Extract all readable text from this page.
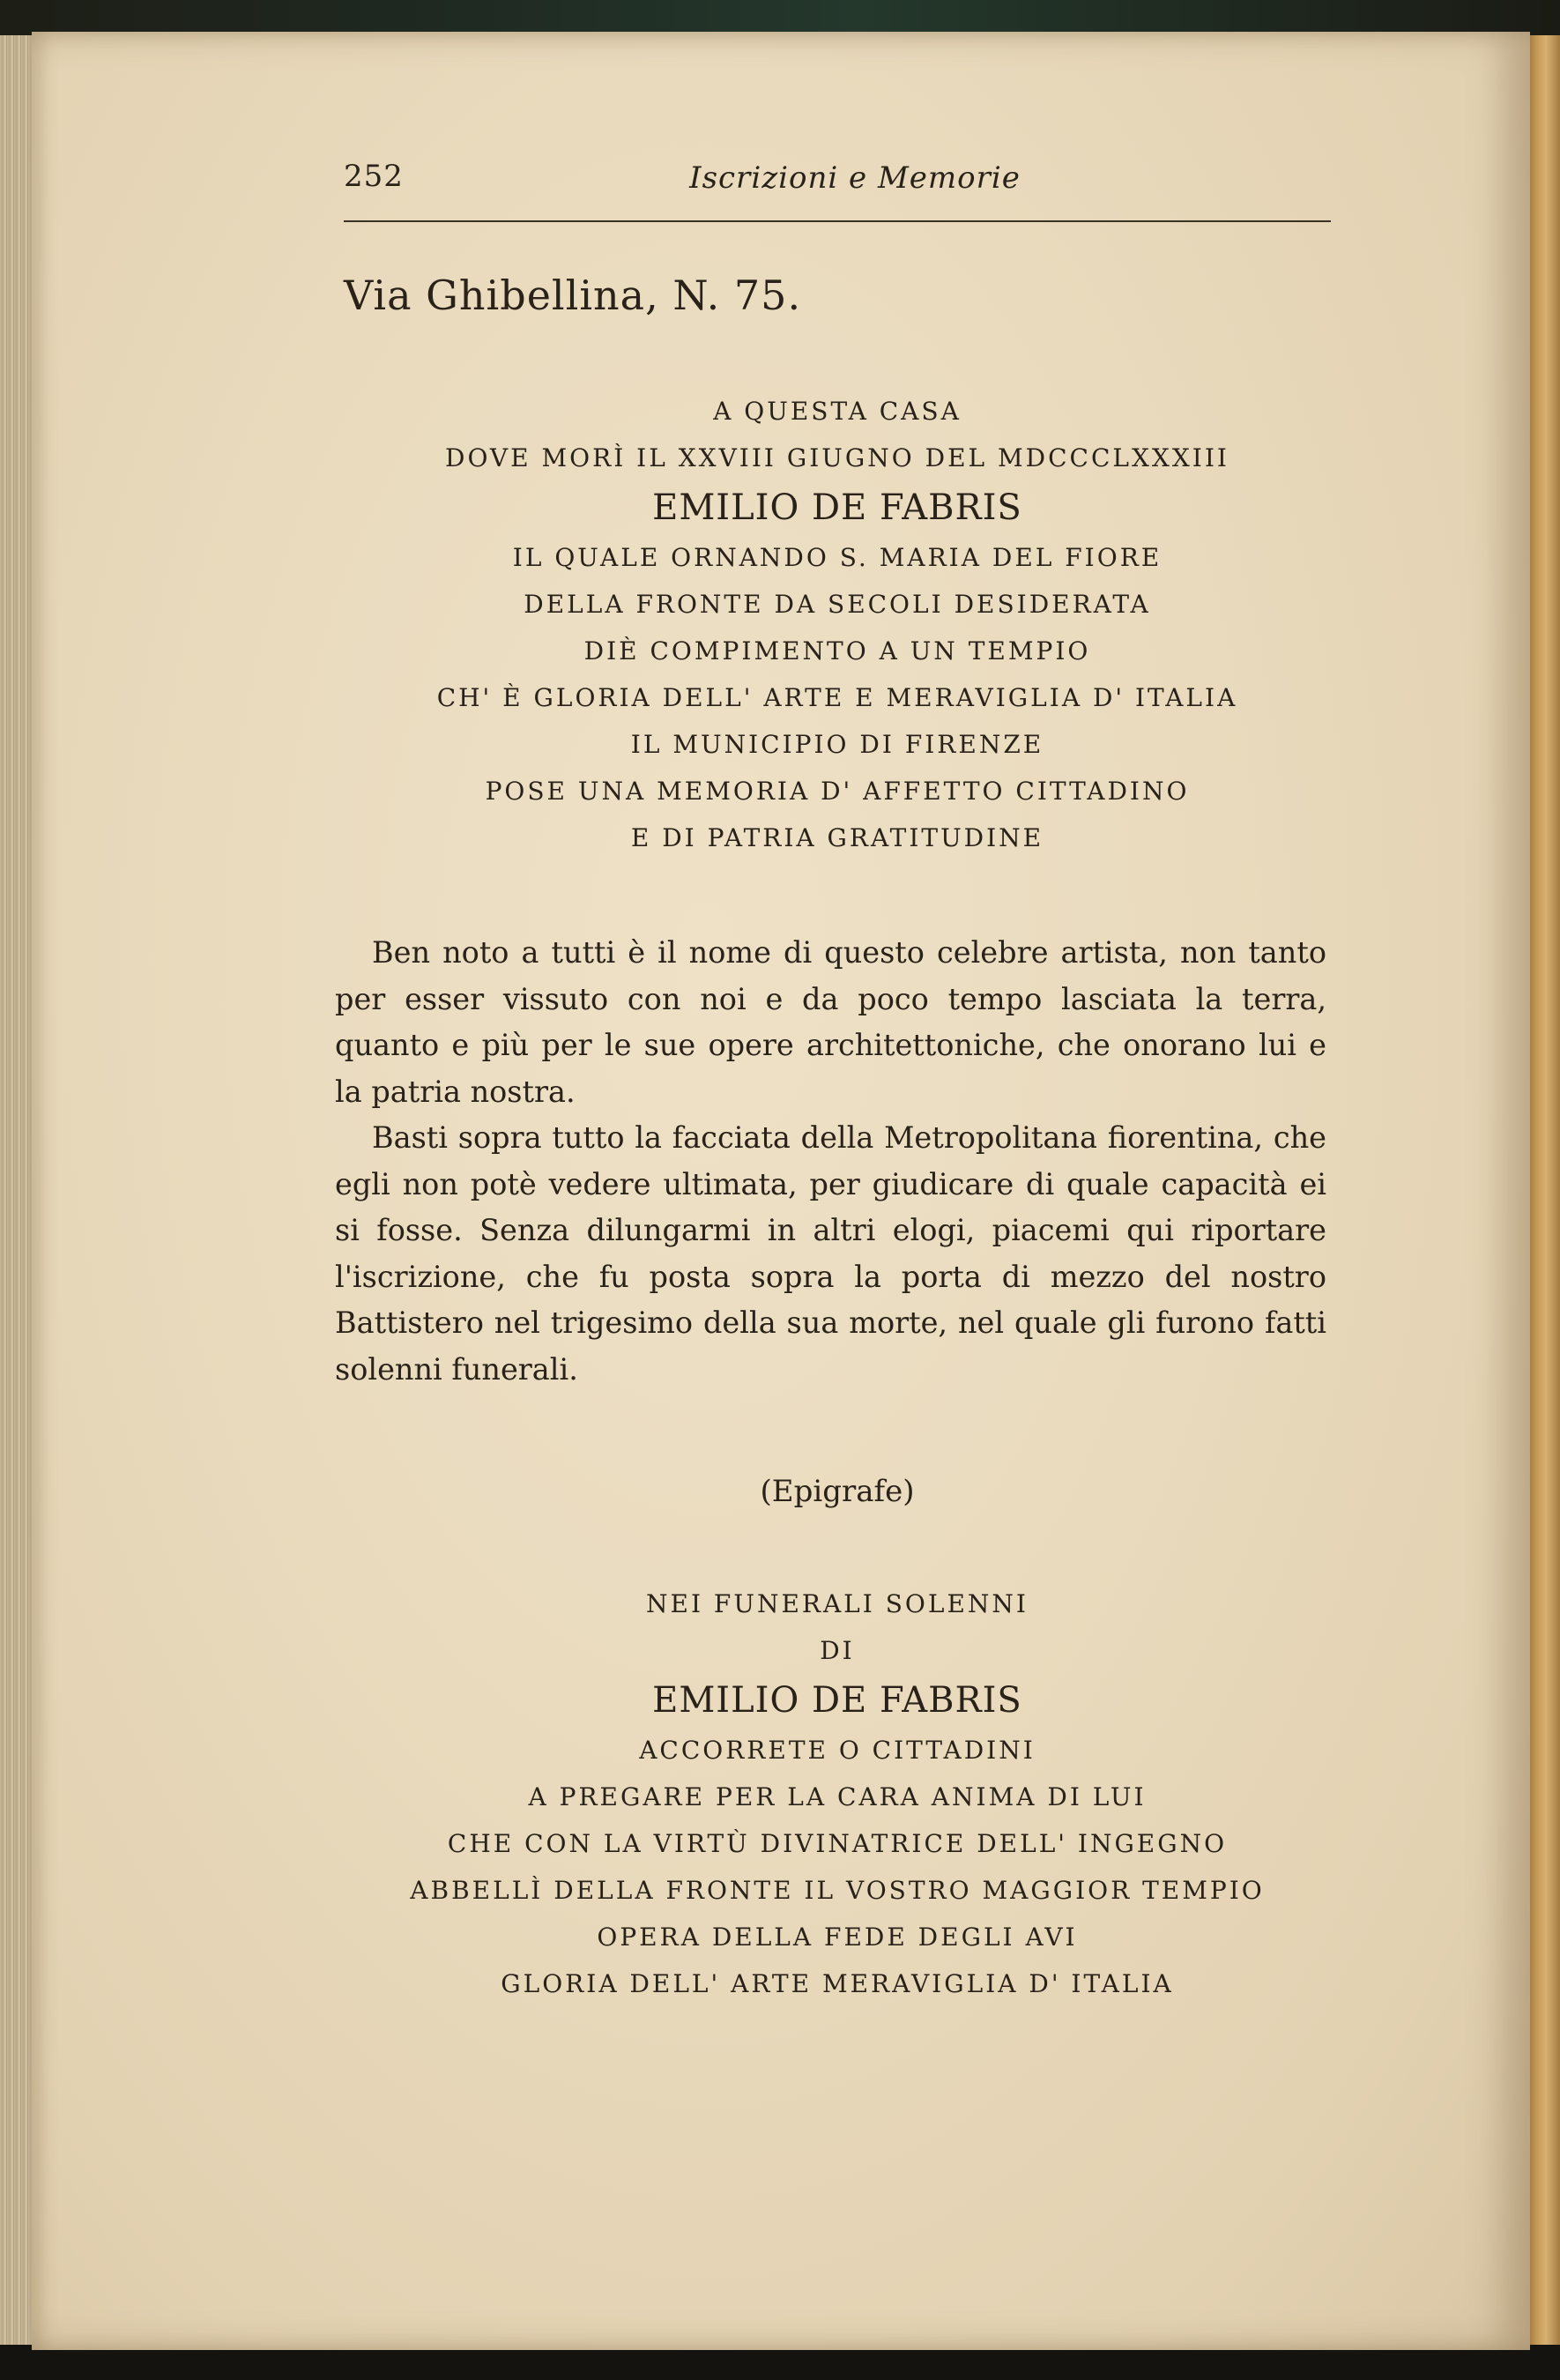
252	Iscrizioni e Memorie
Via Ghibellina, N. 75.
A QUESTA CASA
DOVE MORÌ IL XXVIII GIUGNO DEL MDCCCLXXXIII
EMILIO DE FABRIS
IL QUALE ORNANDO S. MARIA DEL FIORE
DELLA FRONTE DA SECOLI DESIDERATA
DIÈ COMPIMENTO A UN TEMPIO
CH' È GLORIA DELL' ARTE E MERAVIGLIA D' ITALIA
IL MUNICIPIO DI FIRENZE
POSE UNA MEMORIA D' AFFETTO CITTADINO
E DI PATRIA GRATITUDINE

Ben noto a tutti è il nome di questo celebre artista, non tanto per esser vissuto con noi e da poco tempo lasciata la terra, quanto e più per le sue opere architettoniche, che onorano lui e la patria nostra.

Basti sopra tutto la facciata della Metropolitana fiorentina, che egli non potè vedere ultimata, per giudicare di quale capacità ei si fosse. Senza dilungarmi in altri elogi, piacemi qui riportare l'iscrizione, che fu posta sopra la porta di mezzo del nostro Battistero nel trigesimo della sua morte, nel quale gli furono fatti solenni funerali.

(Epigrafe)
NEI FUNERALI SOLENNI
DI
EMILIO DE FABRIS
ACCORRETE O CITTADINI
A PREGARE PER LA CARA ANIMA DI LUI
CHE CON LA VIRTÙ DIVINATRICE DELL' INGEGNO
ABBELLÌ DELLA FRONTE IL VOSTRO MAGGIOR TEMPIO
OPERA DELLA FEDE DEGLI AVI
GLORIA DELL' ARTE MERAVIGLIA D' ITALIA
